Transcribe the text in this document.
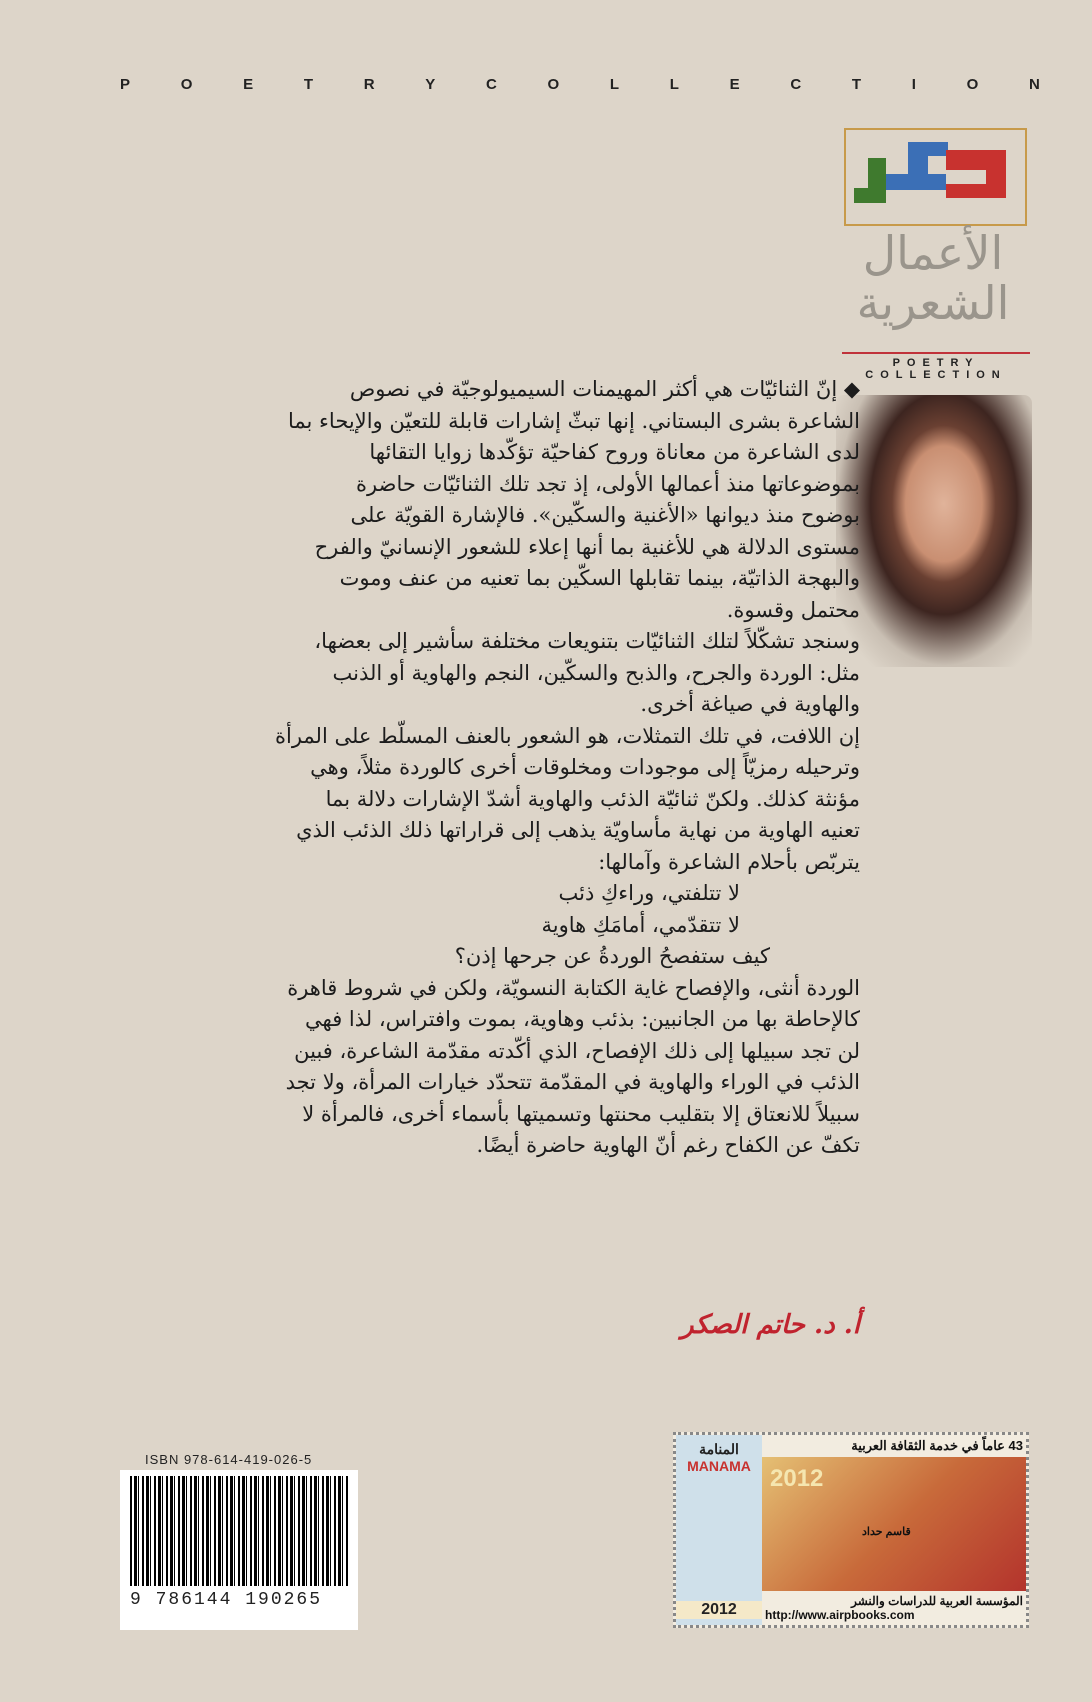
P	O	E	T	R	Y	C	O	L	L	E	C	T	I	O	N
الأعمال
الشعرية
POETRY
COLLECTION
◆ إنّ الثنائيّات هي أكثر المهيمنات السيميولوجيّة في نصوص
الشاعرة بشرى البستاني. إنها تبثّ إشارات قابلة للتعيّن والإيحاء بما
لدى الشاعرة من معاناة وروح كفاحيّة تؤكّدها زوايا التقائها
بموضوعاتها منذ أعمالها الأولى، إذ تجد تلك الثنائيّات حاضرة
بوضوح منذ ديوانها «الأغنية والسكّين». فالإشارة القويّة على
مستوى الدلالة هي للأغنية بما أنها إعلاء للشعور الإنسانيّ والفرح
والبهجة الذاتيّة، بينما تقابلها السكّين بما تعنيه من عنف وموت
محتمل وقسوة.
وسنجد تشكّلاً لتلك الثنائيّات بتنويعات مختلفة سأشير إلى بعضها،
مثل: الوردة والجرح، والذبح والسكّين، النجم والهاوية أو الذنب
والهاوية في صياغة أخرى.
إن اللافت، في تلك التمثلات، هو الشعور بالعنف المسلّط على المرأة
وترحيله رمزيّاً إلى موجودات ومخلوقات أخرى كالوردة مثلاً، وهي
مؤنثة كذلك. ولكنّ ثنائيّة الذئب والهاوية أشدّ الإشارات دلالة بما
تعنيه الهاوية من نهاية مأساويّة يذهب إلى قراراتها ذلك الذئب الذي
يتربّص بأحلام الشاعرة وآمالها:
لا تتلفتي، وراءكِ ذئب
لا تتقدّمي، أمامَكِ هاوية
كيف ستفصحُ الوردةُ عن جرحها إذن؟
الوردة أنثى، والإفصاح غاية الكتابة النسويّة، ولكن في شروط قاهرة
كالإحاطة بها من الجانبين: بذئب وهاوية، بموت وافتراس، لذا فهي
لن تجد سبيلها إلى ذلك الإفصاح، الذي أكّدته مقدّمة الشاعرة، فبين
الذئب في الوراء والهاوية في المقدّمة تتحدّد خيارات المرأة، ولا تجد
سبيلاً للانعتاق إلا بتقليب محنتها وتسميتها بأسماء أخرى، فالمرأة لا
تكفّ عن الكفاح رغم أنّ الهاوية حاضرة أيضًا.
أ. د. حاتم الصكر
ISBN 978-614-419-026-5
9 786144 190265
المنامة
MANAMA
2012
43 عاماً في خدمة الثقافة العربية
2012
قاسم حداد
المؤسسة العربية للدراسات والنشر
http://www.airpbooks.com
